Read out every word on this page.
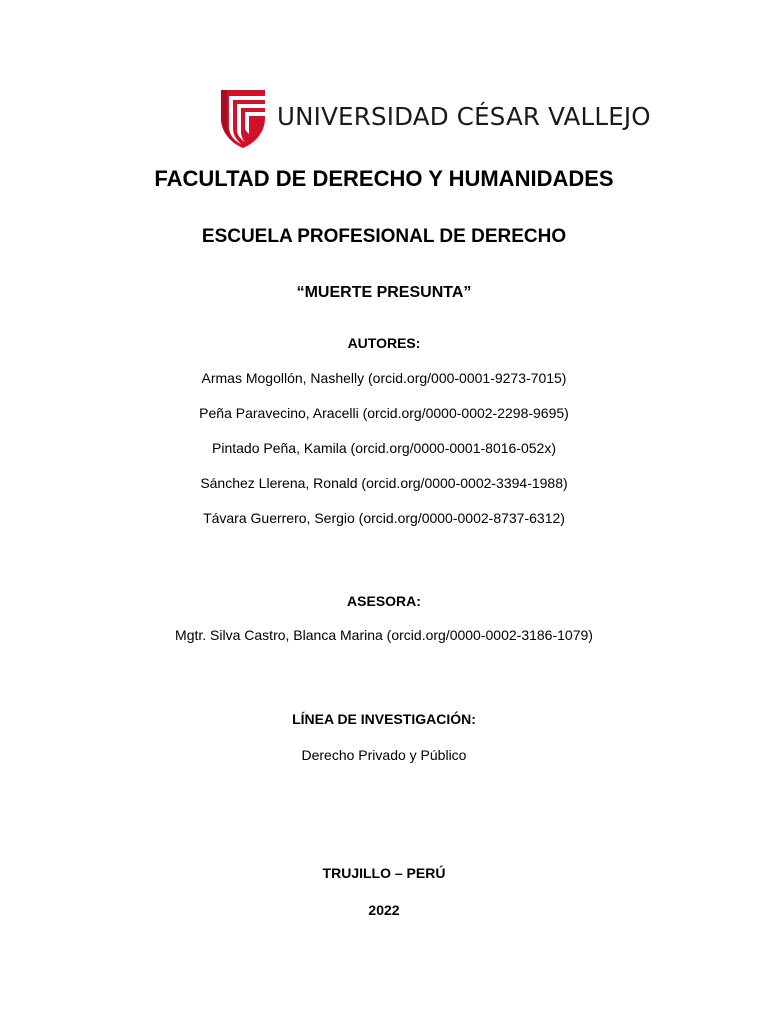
UNIVERSIDAD CÉSAR VALLEJO
FACULTAD DE DERECHO Y HUMANIDADES
ESCUELA PROFESIONAL DE DERECHO
“MUERTE PRESUNTA”
AUTORES:
Armas Mogollón, Nashelly (orcid.org/000-0001-9273-7015)
Peña Paravecino, Aracelli (orcid.org/0000-0002-2298-9695)
Pintado Peña, Kamila (orcid.org/0000-0001-8016-052x)
Sánchez Llerena, Ronald (orcid.org/0000-0002-3394-1988)
Távara Guerrero, Sergio (orcid.org/0000-0002-8737-6312)
ASESORA:
Mgtr. Silva Castro, Blanca Marina (orcid.org/0000-0002-3186-1079)
LÍNEA DE INVESTIGACIÓN:
Derecho Privado y Público
TRUJILLO – PERÚ
2022
